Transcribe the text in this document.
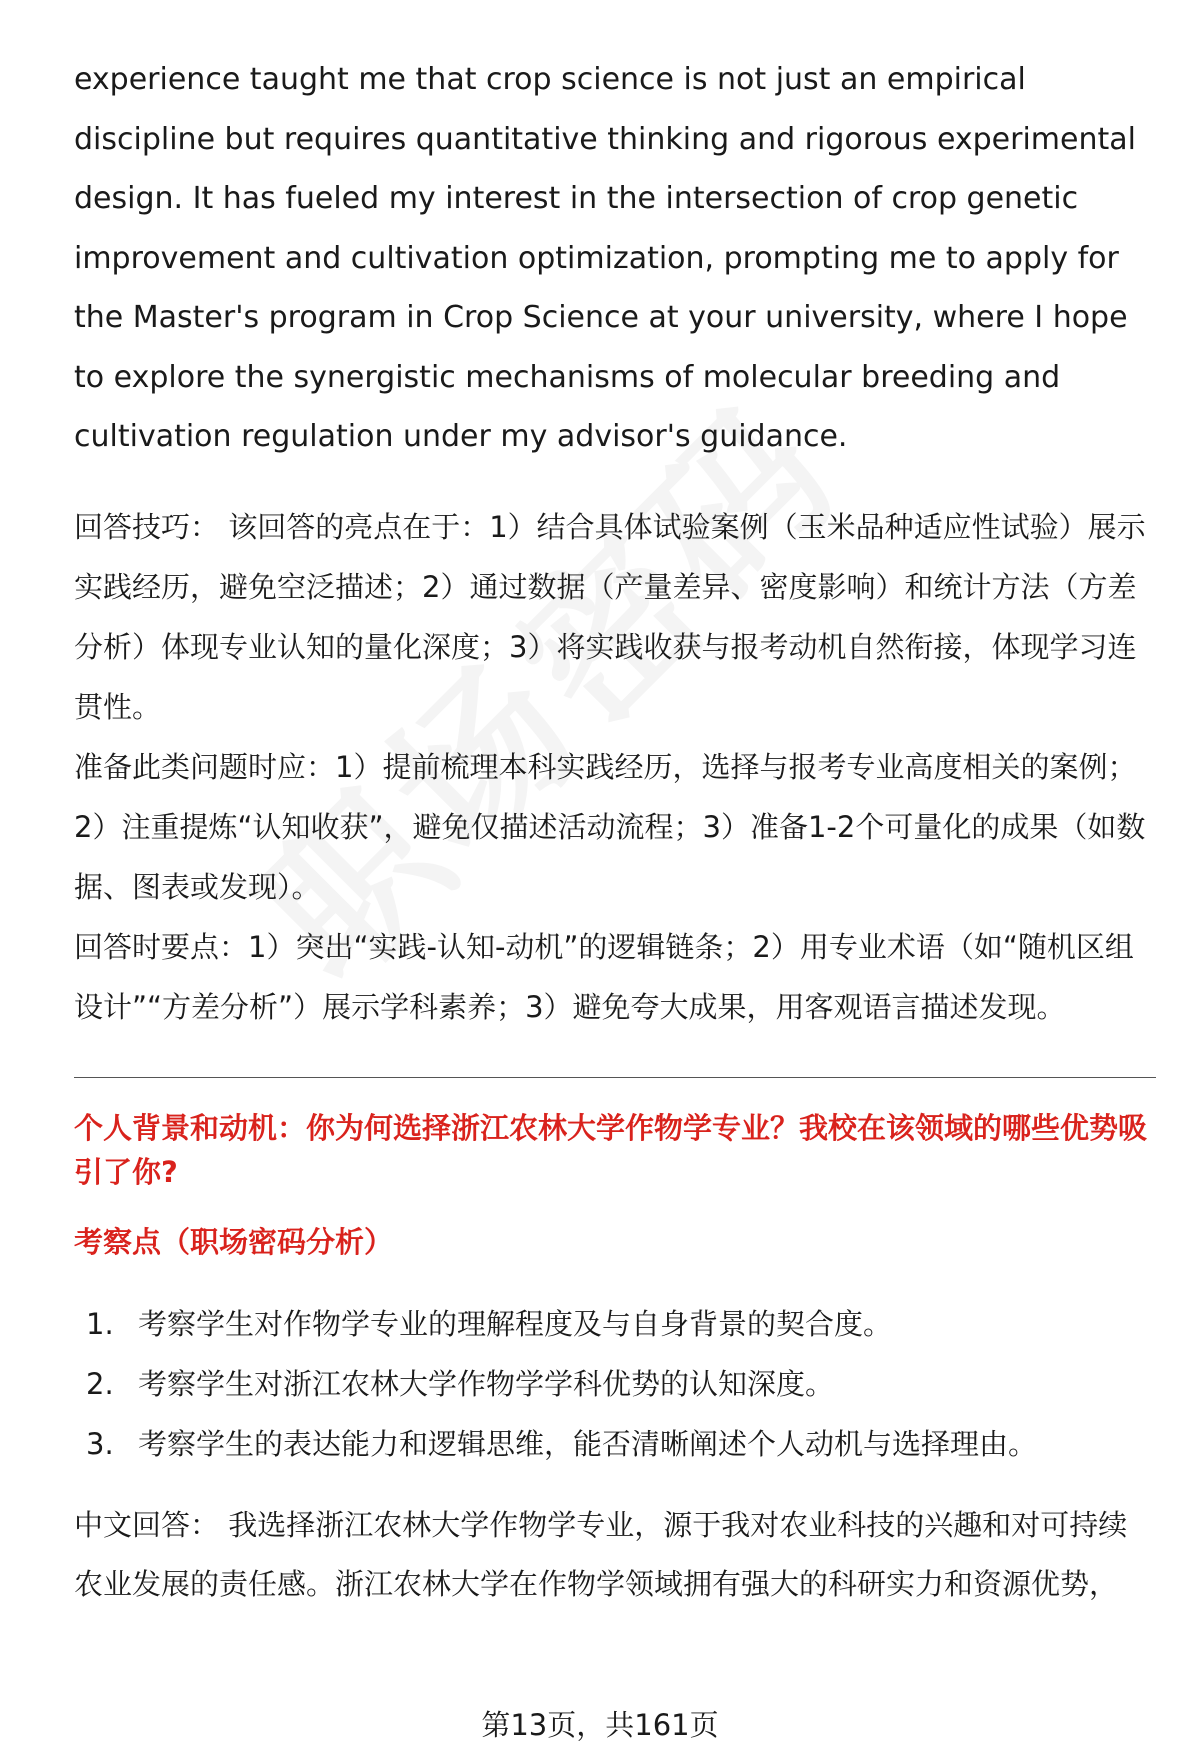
experience taught me that crop science is not just an empirical discipline but requires quantitative thinking and rigorous experimental design. It has fueled my interest in the intersection of crop genetic improvement and cultivation optimization, prompting me to apply for the Master's program in Crop Science at your university, where I hope to explore the synergistic mechanisms of molecular breeding and cultivation regulation under my advisor's guidance.

回答技巧： 该回答的亮点在于：1）结合具体试验案例（玉米品种适应性试验）展示实践经历，避免空泛描述；2）通过数据（产量差异、密度影响）和统计方法（方差分析）体现专业认知的量化深度；3）将实践收获与报考动机自然衔接，体现学习连贯性。

准备此类问题时应：1）提前梳理本科实践经历，选择与报考专业高度相关的案例；2）注重提炼“认知收获”，避免仅描述活动流程；3）准备1-2个可量化的成果（如数据、图表或发现）。

回答时要点：1）突出“实践-认知-动机”的逻辑链条；2）用专业术语（如“随机区组设计”“方差分析”）展示学科素养；3）避免夸大成果，用客观语言描述发现。

个人背景和动机：你为何选择浙江农林大学作物学专业？我校在该领域的哪些优势吸引了你?

考察点（职场密码分析）

1. 考察学生对作物学专业的理解程度及与自身背景的契合度。
2. 考察学生对浙江农林大学作物学学科优势的认知深度。
3. 考察学生的表达能力和逻辑思维，能否清晰阐述个人动机与选择理由。

中文回答： 我选择浙江农林大学作物学专业，源于我对农业科技的兴趣和对可持续农业发展的责任感。浙江农林大学在作物学领域拥有强大的科研实力和资源优势，

第13页，共161页
